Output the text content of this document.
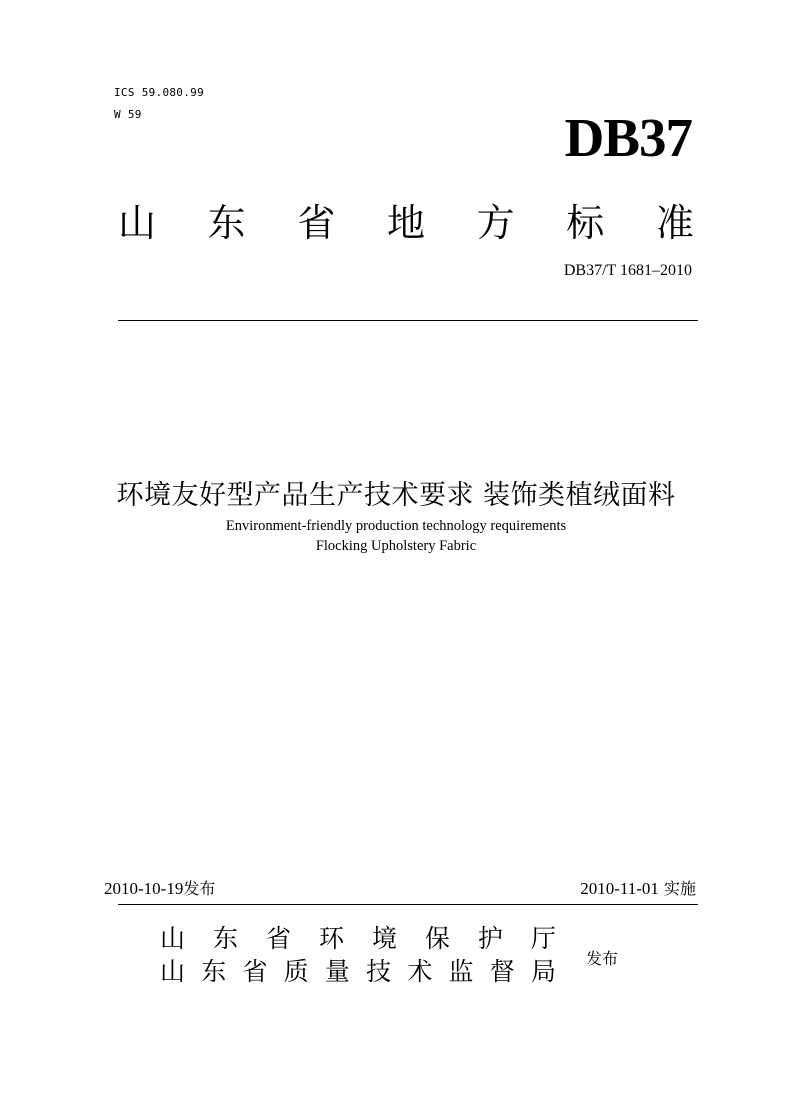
ICS 59.080.99
W 59	DB37
山 东 省 地 方 标 准
DB37/T 1681–2010
环境友好型产品生产技术要求 装饰类植绒面料
Environment-friendly production technology requirements
Flocking Upholstery Fabric
2010-10-19发布	2010-11-01 实施
山 东 省 环 境 保 护 厅
山 东 省 质 量 技 术 监 督 局 发布
